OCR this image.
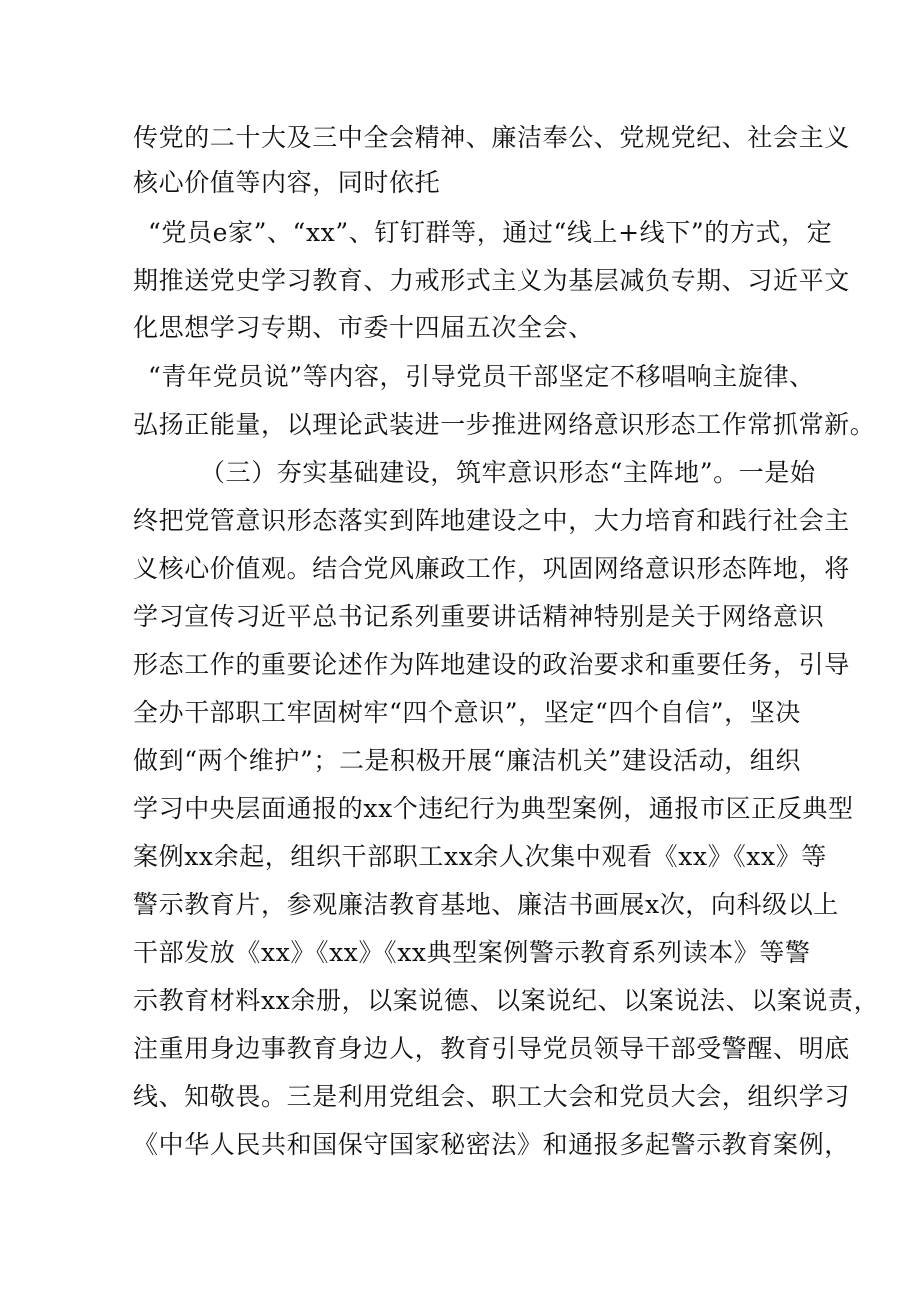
传党的二十大及三中全会精神、廉洁奉公、党规党纪、社会主义
核心价值等内容，同时依托
“党员e家”、“xx”、钉钉群等，通过“线上+线下”的方式，定
期推送党史学习教育、力戒形式主义为基层减负专期、习近平文
化思想学习专期、市委十四届五次全会、
“青年党员说”等内容，引导党员干部坚定不移唱响主旋律、
弘扬正能量，以理论武装进一步推进网络意识形态工作常抓常新。
（三）夯实基础建设，筑牢意识形态“主阵地”。一是始
终把党管意识形态落实到阵地建设之中，大力培育和践行社会主
义核心价值观。结合党风廉政工作，巩固网络意识形态阵地，将
学习宣传习近平总书记系列重要讲话精神特别是关于网络意识
形态工作的重要论述作为阵地建设的政治要求和重要任务，引导
全办干部职工牢固树牢“四个意识”，坚定“四个自信”，坚决
做到“两个维护”；二是积极开展“廉洁机关”建设活动，组织
学习中央层面通报的xx个违纪行为典型案例，通报市区正反典型
案例xx余起，组织干部职工xx余人次集中观看《xx》《xx》等
警示教育片，参观廉洁教育基地、廉洁书画展x次，向科级以上
干部发放《xx》《xx》《xx典型案例警示教育系列读本》等警
示教育材料xx余册，以案说德、以案说纪、以案说法、以案说责，
注重用身边事教育身边人，教育引导党员领导干部受警醒、明底
线、知敬畏。三是利用党组会、职工大会和党员大会，组织学习
《中华人民共和国保守国家秘密法》和通报多起警示教育案例，
